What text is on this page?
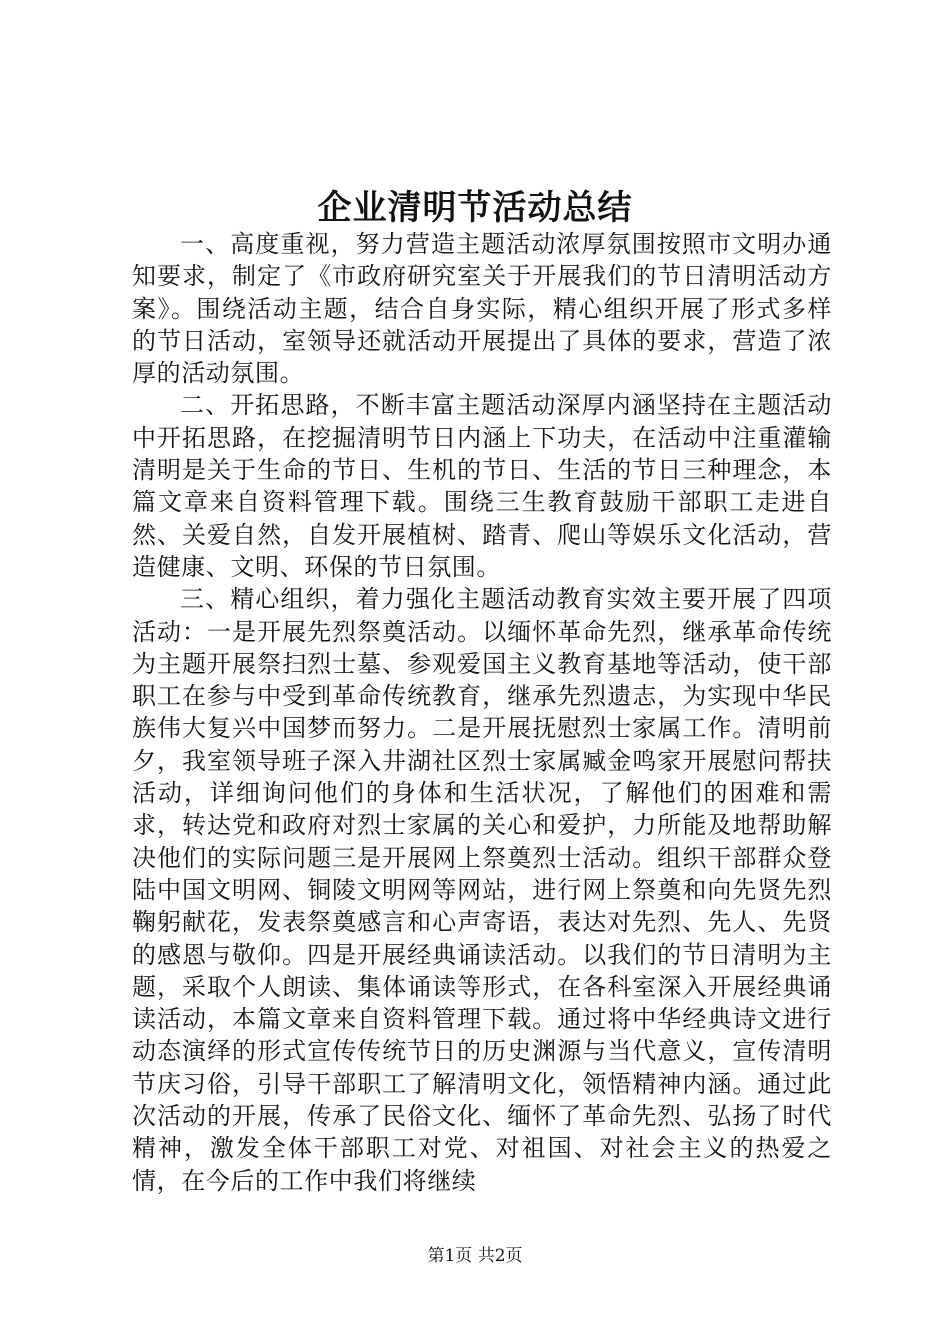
企业清明节活动总结

一、高度重视，努力营造主题活动浓厚氛围按照市文明办通知要求，制定了《市政府研究室关于开展我们的节日清明活动方案》。围绕活动主题，结合自身实际，精心组织开展了形式多样的节日活动，室领导还就活动开展提出了具体的要求，营造了浓厚的活动氛围。

二、开拓思路，不断丰富主题活动深厚内涵坚持在主题活动中开拓思路，在挖掘清明节日内涵上下功夫，在活动中注重灌输清明是关于生命的节日、生机的节日、生活的节日三种理念，本篇文章来自资料管理下载。围绕三生教育鼓励干部职工走进自然、关爱自然，自发开展植树、踏青、爬山等娱乐文化活动，营造健康、文明、环保的节日氛围。

三、精心组织，着力强化主题活动教育实效主要开展了四项活动：一是开展先烈祭奠活动。以缅怀革命先烈，继承革命传统为主题开展祭扫烈士墓、参观爱国主义教育基地等活动，使干部职工在参与中受到革命传统教育，继承先烈遗志，为实现中华民族伟大复兴中国梦而努力。二是开展抚慰烈士家属工作。清明前夕，我室领导班子深入井湖社区烈士家属臧金鸣家开展慰问帮扶活动，详细询问他们的身体和生活状况，了解他们的困难和需求，转达党和政府对烈士家属的关心和爱护，力所能及地帮助解决他们的实际问题三是开展网上祭奠烈士活动。组织干部群众登陆中国文明网、铜陵文明网等网站，进行网上祭奠和向先贤先烈鞠躬献花，发表祭奠感言和心声寄语，表达对先烈、先人、先贤的感恩与敬仰。四是开展经典诵读活动。以我们的节日清明为主题，采取个人朗读、集体诵读等形式，在各科室深入开展经典诵读活动，本篇文章来自资料管理下载。通过将中华经典诗文进行动态演绎的形式宣传传统节日的历史渊源与当代意义，宣传清明节庆习俗，引导干部职工了解清明文化，领悟精神内涵。通过此次活动的开展，传承了民俗文化、缅怀了革命先烈、弘扬了时代精神，激发全体干部职工对党、对祖国、对社会主义的热爱之情，在今后的工作中我们将继续

第1页 共2页
